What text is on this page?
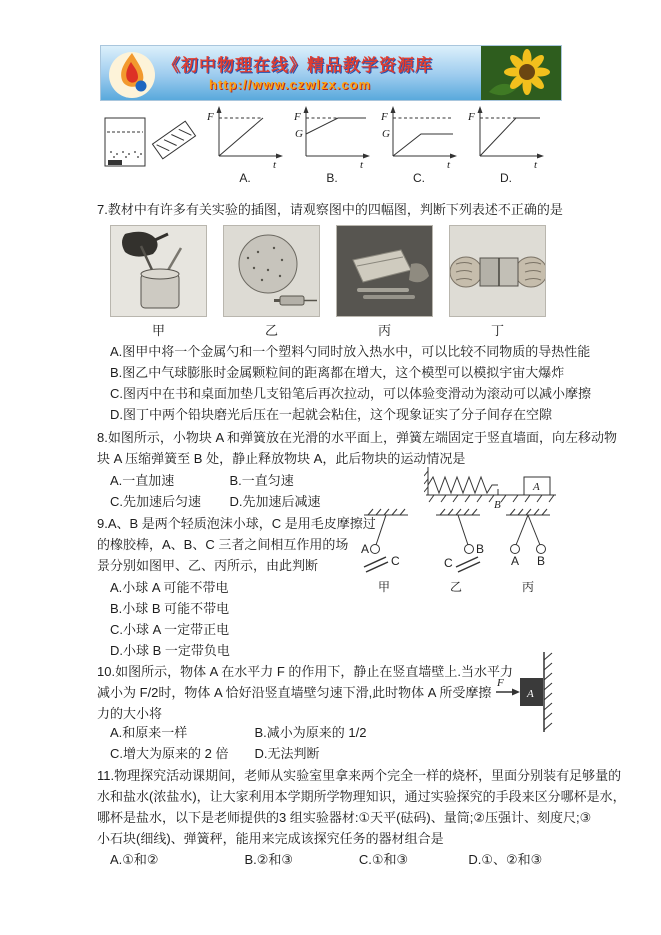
《初中物理在线》精品教学资源库
http://www.czwlzx.com
F
t
A.
F
t
G
B.
F
t
G
C.
F
t
D.
7.教材中有许多有关实验的插图，请观察图中的四幅图，判断下列表述不正确的是
甲	乙	丙	丁
A.图甲中将一个金属勺和一个塑料勺同时放入热水中，可以比较不同物质的导热性能
B.图乙中气球膨胀时金属颗粒间的距离都在增大，这个模型可以模拟宇宙大爆炸
C.图丙中在书和桌面加垫几支铅笔后再次拉动，可以体验变滑动为滚动可以减小摩擦
D.图丁中两个铅块磨光后压在一起就会粘住，这个现象证实了分子间存在空隙
8.如图所示，小物块 A 和弹簧放在光滑的水平面上，弹簧左端固定于竖直墙面，向左移动物
块 A 压缩弹簧至 B 处，静止释放物块 A，此后物块的运动情况是
A.一直加速	B.一直匀速
C.先加速后匀速 D.先加速后减速	B
A
9.A、B 是两个轻质泡沫小球，C 是用毛皮摩擦过
的橡胶棒，A、B、C 三者之间相互作用的场
景分别如图甲、乙、丙所示，由此判断
A.小球 A 可能不带电
B.小球 B 可能不带电
C.小球 A 一定带正电
D.小球 B 一定带负电
A
C
甲
B
C
乙
A B
丙
10.如图所示，物体 A 在水平力 F 的作用下，静止在竖直墙壁上.当水平力
减小为 F/2时，物体 A 恰好沿竖直墙壁匀速下滑,此时物体 A 所受摩擦
力的大小将
A.和原来一样	B.减小为原来的 1/2
C.增大为原来的 2 倍 D.无法判断
A
F
11.物理探究活动课期间，老师从实验室里拿来两个完全一样的烧杯，里面分别装有足够量的
水和盐水(浓盐水)，让大家利用本学期所学物理知识，通过实验探究的手段来区分哪杯是水，
哪杯是盐水，以下是老师提供的3 组实验器材:①天平(砝码)、量筒;②压强计、刻度尺;③
小石块(细线)、弹簧秤，能用来完成该探究任务的器材组合是
A.①和②	B.②和③	C.①和③	D.①、②和③
